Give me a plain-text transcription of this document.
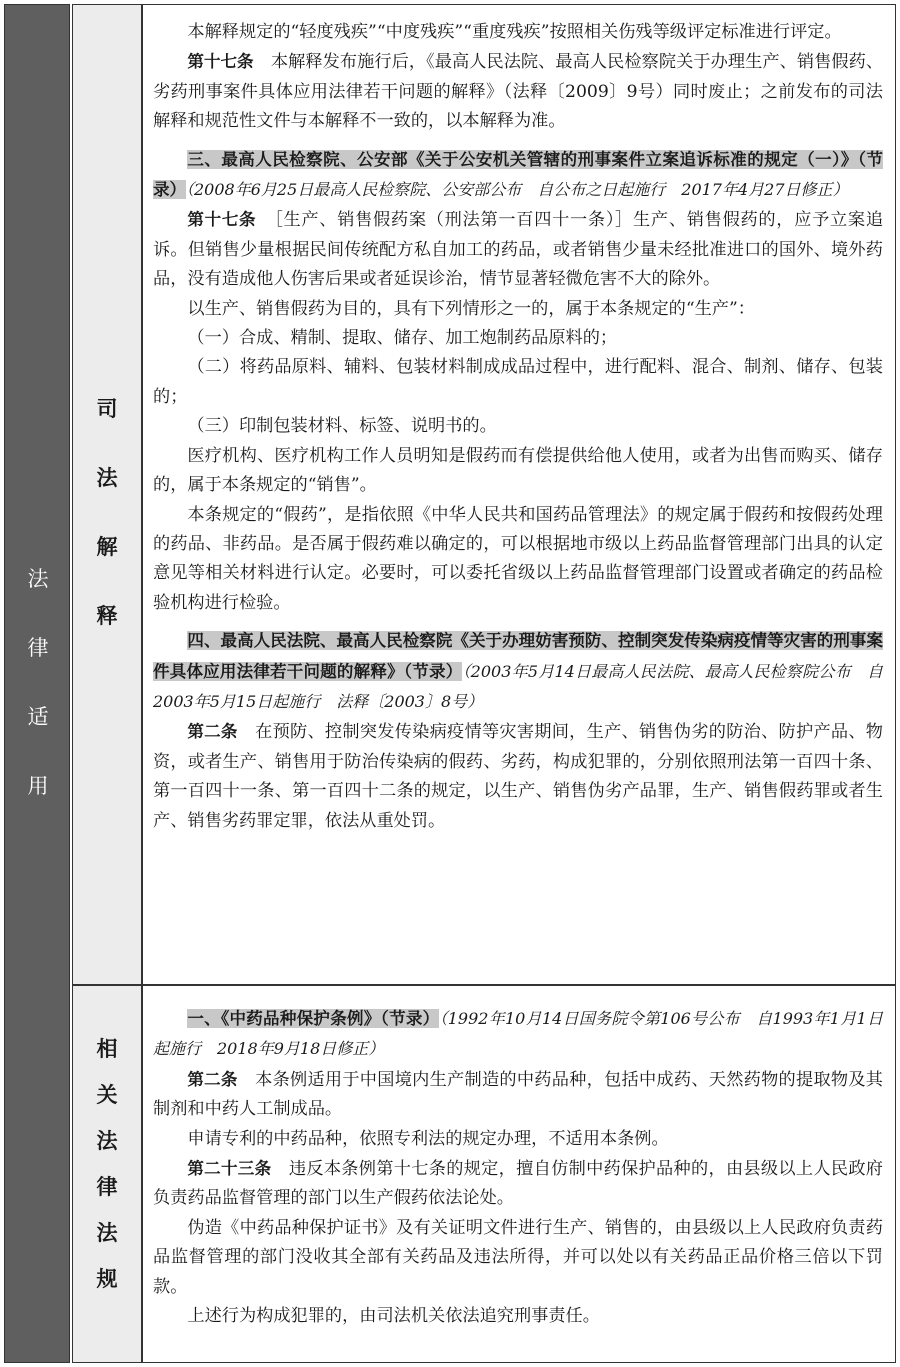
法
律
适
用
司
法
解
释

本解释规定的“轻度残疾”“中度残疾”“重度残疾”按照相关伤残等级评定标准进行评定。

第十七条　本解释发布施行后，《最高人民法院、最高人民检察院关于办理生产、销售假药、劣药刑事案件具体应用法律若干问题的解释》（法释〔2009〕9号）同时废止；之前发布的司法解释和规范性文件与本解释不一致的，以本解释为准。

三、最高人民检察院、公安部《关于公安机关管辖的刑事案件立案追诉标准的规定（一）》（节录）（2008年6月25日最高人民检察院、公安部公布　自公布之日起施行　2017年4月27日修正）

第十七条　［生产、销售假药案（刑法第一百四十一条）］生产、销售假药的，应予立案追诉。但销售少量根据民间传统配方私自加工的药品，或者销售少量未经批准进口的国外、境外药品，没有造成他人伤害后果或者延误诊治，情节显著轻微危害不大的除外。

以生产、销售假药为目的，具有下列情形之一的，属于本条规定的“生产”：

（一）合成、精制、提取、储存、加工炮制药品原料的；

（二）将药品原料、辅料、包装材料制成成品过程中，进行配料、混合、制剂、储存、包装的；

（三）印制包装材料、标签、说明书的。

医疗机构、医疗机构工作人员明知是假药而有偿提供给他人使用，或者为出售而购买、储存的，属于本条规定的“销售”。

本条规定的“假药”，是指依照《中华人民共和国药品管理法》的规定属于假药和按假药处理的药品、非药品。是否属于假药难以确定的，可以根据地市级以上药品监督管理部门出具的认定意见等相关材料进行认定。必要时，可以委托省级以上药品监督管理部门设置或者确定的药品检验机构进行检验。

四、最高人民法院、最高人民检察院《关于办理妨害预防、控制突发传染病疫情等灾害的刑事案件具体应用法律若干问题的解释》（节录）（2003年5月14日最高人民法院、最高人民检察院公布　自2003年5月15日起施行　法释〔2003〕8号）

第二条　在预防、控制突发传染病疫情等灾害期间，生产、销售伪劣的防治、防护产品、物资，或者生产、销售用于防治传染病的假药、劣药，构成犯罪的，分别依照刑法第一百四十条、第一百四十一条、第一百四十二条的规定，以生产、销售伪劣产品罪，生产、销售假药罪或者生产、销售劣药罪定罪，依法从重处罚。

相
关
法
律
法
规

一、《中药品种保护条例》（节录）（1992年10月14日国务院令第106号公布　自1993年1月1日起施行　2018年9月18日修正）

第二条　本条例适用于中国境内生产制造的中药品种，包括中成药、天然药物的提取物及其制剂和中药人工制成品。

申请专利的中药品种，依照专利法的规定办理，不适用本条例。

第二十三条　违反本条例第十七条的规定，擅自仿制中药保护品种的，由县级以上人民政府负责药品监督管理的部门以生产假药依法论处。

伪造《中药品种保护证书》及有关证明文件进行生产、销售的，由县级以上人民政府负责药品监督管理的部门没收其全部有关药品及违法所得，并可以处以有关药品正品价格三倍以下罚款。

上述行为构成犯罪的，由司法机关依法追究刑事责任。
